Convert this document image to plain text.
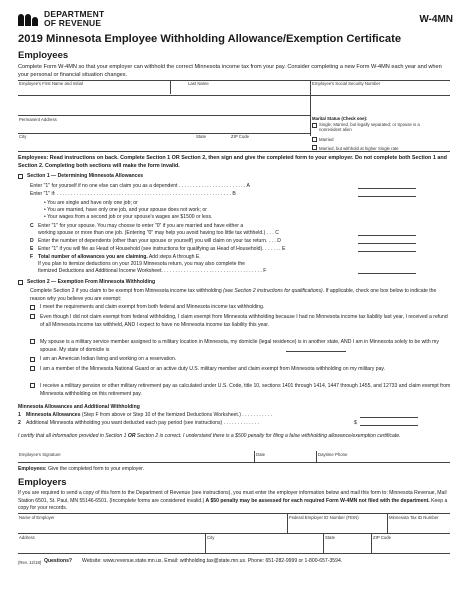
DEPARTMENT
OF REVENUE	W-4MN
2019 Minnesota Employee Withholding Allowance/Exemption Certificate
Employees
Complete Form W-4MN so that your employer can withhold the correct Minnesota income tax from your pay. Consider completing a new Form W-4MN each year and when your personal or financial situation changes.
Employee's First Name and Initial	Last Name	Employee's Social Security Number
Permanent Address	Marital Status (Check one):
Single; Married, but legally separated; or Spouse is a nonresident alien
Married
Married, but withhold at higher Single rate
City	State	ZIP Code
Employees: Read instructions on back. Complete Section 1 OR Section 2, then sign and give the completed form to your employer. Do not complete both Section 1 and Section 2. Completing both sections will make the form invalid.
Section 1 — Determining Minnesota Allowances
Enter "1" for yourself if no one else can claim you as a dependent . . . . . . . . . . . . . . . . . . . . . . . . A
Enter "1" if: . . . . . . . . . . . . . . . . . . . . . . . . . . . . . . . . . . . . . . . . . . . . . . . . . . . . . . . . . . . . . . B
• You are single and have only one job; or
• You are married, have only one job, and your spouse does not work; or
• Your wages from a second job or your spouse's wages are $1500 or less.
C Enter "1" for your spouse. You may choose to enter "0" if you are married and have either a
working spouse or more than one job. (Entering "0" may help you avoid having too little tax withheld.) . . . C
D Enter the number of dependents (other than your spouse or yourself) you will claim on your tax return. . . . D
E Enter "1" if you will file as Head of Household (see instructions for qualifying as Head of Household). . . . . . . E
F Total number of allowances you are claiming. Add steps A through E.
If you plan to itemize deductions on your 2019 Minnesota return, you may also complete the
Itemized Deductions and Additional Income Worksheet. . . . . . . . . . . . . . . . . . . . . . . . . . . . . . . . . . . . F
Section 2 — Exemption From Minnesota Withholding
Complete Section 2 if you claim to be exempt from Minnesota income tax withholding (see Section 2 instructions for qualifications). If applicable, check one box below to indicate the reason why you believe you are exempt:
I meet the requirements and claim exempt from both federal and Minnesota income tax withholding.
Even though I did not claim exempt from federal withholding, I claim exempt from Minnesota withholding because I had no Minnesota income tax liability last year, I received a refund of all Minnesota income tax withheld, AND I expect to have no Minnesota income tax liability this year.
My spouse is a military service member assigned to a military location in Minnesota, my domicile (legal residence) is in another state, AND I am in Minnesota solely to be with my spouse. My state of domicile is
I am an American Indian living and working on a reservation.
I am a member of the Minnesota National Guard or an active duty U.S. military member and claim exempt from Minnesota withholding on my military pay.
I receive a military pension or other military retirement pay as calculated under U.S. Code, title 10, sections 1401 through 1414, 1447 through 1455, and 12733 and claim exempt from Minnesota withholding on this retirement pay.
Minnesota Allowances and Additional Withholding
1 Minnesota Allowances (Step F from above or Step 10 of the Itemized Deductions Worksheet.) . . . . . . . . . . .
2 Additional Minnesota withholding you want deducted each pay period (see instructions) . . . . . . . . . . . . .	$
I certify that all information provided in Section 1 OR Section 2 is correct. I understand there is a $500 penalty for filing a false withholding allowance/exemption certificate.
Employee's Signature	Date	Daytime Phone
Employees: Give the completed form to your employer.
Employers
If you are required to send a copy of this form to the Department of Revenue (see instructions), you must enter the employer information below and mail this form to: Minnesota Revenue, Mail Station 6501, St. Paul, MN 55146-6501. (Incomplete forms are considered invalid.) A $50 penalty may be assessed for each required Form W-4MN not filed with the department. Keep a copy for your records.
Name of Employer	Federal Employer ID Number (FEIN)	Minnesota Tax ID Number
Address	City	State	ZIP Code
(Rev. 12/18) Questions? Website: www.revenue.state.mn.us. Email: withholding.tax@state.mn.us. Phone: 651-282-9999 or 1-800-657-3594.
